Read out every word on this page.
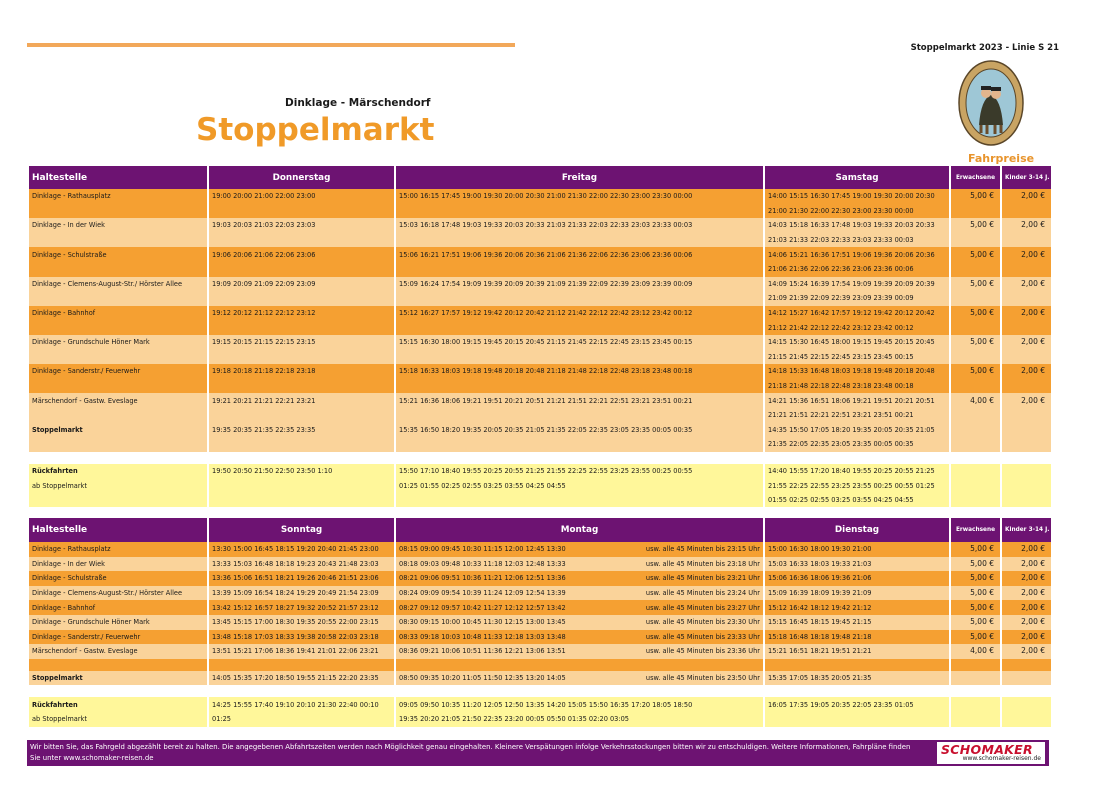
Stoppelmarkt 2023 - Linie S 21
Dinklage - Märschendorf
Stoppelmarkt
Fahrpreise
Haltestelle	Donnerstag	Freitag	Samstag	Erwachsene	Kinder 3-14 J.
Dinklage - Rathausplatz	19:00 20:00 21:00 22:00 23:00	15:00 16:15 17:45 19:00 19:30 20:00 20:30 21:00 21:30 22:00 22:30 23:00 23:30 00:00	14:00 15:15 16:30 17:45 19:00 19:30 20:00 20:30	5,00 €	2,00 €
			21:00 21:30 22:00 22:30 23:00 23:30 00:00		
Dinklage - In der Wiek	19:03 20:03 21:03 22:03 23:03	15:03 16:18 17:48 19:03 19:33 20:03 20:33 21:03 21:33 22:03 22:33 23:03 23:33 00:03	14:03 15:18 16:33 17:48 19:03 19:33 20:03 20:33	5,00 €	2,00 €
			21:03 21:33 22:03 22:33 23:03 23:33 00:03		
Dinklage - Schulstraße	19:06 20:06 21:06 22:06 23:06	15:06 16:21 17:51 19:06 19:36 20:06 20:36 21:06 21:36 22:06 22:36 23:06 23:36 00:06	14:06 15:21 16:36 17:51 19:06 19:36 20:06 20:36	5,00 €	2,00 €
			21:06 21:36 22:06 22:36 23:06 23:36 00:06		
Dinklage - Clemens-August-Str./ Hörster Allee	19:09 20:09 21:09 22:09 23:09	15:09 16:24 17:54 19:09 19:39 20:09 20:39 21:09 21:39 22:09 22:39 23:09 23:39 00:09	14:09 15:24 16:39 17:54 19:09 19:39 20:09 20:39	5,00 €	2,00 €
			21:09 21:39 22:09 22:39 23:09 23:39 00:09		
Dinklage - Bahnhof	19:12 20:12 21:12 22:12 23:12	15:12 16:27 17:57 19:12 19:42 20:12 20:42 21:12 21:42 22:12 22:42 23:12 23:42 00:12	14:12 15:27 16:42 17:57 19:12 19:42 20:12 20:42	5,00 €	2,00 €
			21:12 21:42 22:12 22:42 23:12 23:42 00:12		
Dinklage - Grundschule Höner Mark	19:15 20:15 21:15 22:15 23:15	15:15 16:30 18:00 19:15 19:45 20:15 20:45 21:15 21:45 22:15 22:45 23:15 23:45 00:15	14:15 15:30 16:45 18:00 19:15 19:45 20:15 20:45	5,00 €	2,00 €
			21:15 21:45 22:15 22:45 23:15 23:45 00:15		
Dinklage - Sanderstr./ Feuerwehr	19:18 20:18 21:18 22:18 23:18	15:18 16:33 18:03 19:18 19:48 20:18 20:48 21:18 21:48 22:18 22:48 23:18 23:48 00:18	14:18 15:33 16:48 18:03 19:18 19:48 20:18 20:48	5,00 €	2,00 €
			21:18 21:48 22:18 22:48 23:18 23:48 00:18		
Märschendorf - Gastw. Eveslage	19:21 20:21 21:21 22:21 23:21	15:21 16:36 18:06 19:21 19:51 20:21 20:51 21:21 21:51 22:21 22:51 23:21 23:51 00:21	14:21 15:36 16:51 18:06 19:21 19:51 20:21 20:51	4,00 €	2,00 €
			21:21 21:51 22:21 22:51 23:21 23:51 00:21		
Stoppelmarkt	19:35 20:35 21:35 22:35 23:35	15:35 16:50 18:20 19:35 20:05 20:35 21:05 21:35 22:05 22:35 23:05 23:35 00:05 00:35	14:35 15:50 17:05 18:20 19:35 20:05 20:35 21:05		
			21:35 22:05 22:35 23:05 23:35 00:05 00:35		

Rückfahrten	19:50 20:50 21:50 22:50 23:50 1:10	15:50 17:10 18:40 19:55 20:25 20:55 21:25 21:55 22:25 22:55 23:25 23:55 00:25 00:55	14:40 15:55 17:20 18:40 19:55 20:25 20:55 21:25		
ab Stoppelmarkt		01:25 01:55 02:25 02:55 03:25 03:55 04:25 04:55	21:55 22:25 22:55 23:25 23:55 00:25 00:55 01:25		
			01:55 02:25 02:55 03:25 03:55 04:25 04:55		
Haltestelle	Sonntag	Montag	Dienstag	Erwachsene	Kinder 3-14 J.
Dinklage - Rathausplatz	13:30 15:00 16:45 18:15 19:20 20:40 21:45 23:00	08:15 09:00 09:45 10:30 11:15 12:00 12:45 13:30 usw. alle 45 Minuten bis 23:15 Uhr	15:00 16:30 18:00 19:30 21:00	5,00 €	2,00 €
Dinklage - In der Wiek	13:33 15:03 16:48 18:18 19:23 20:43 21:48 23:03	08:18 09:03 09:48 10:33 11:18 12:03 12:48 13:33 usw. alle 45 Minuten bis 23:18 Uhr	15:03 16:33 18:03 19:33 21:03	5,00 €	2,00 €
Dinklage - Schulstraße	13:36 15:06 16:51 18:21 19:26 20:46 21:51 23:06	08:21 09:06 09:51 10:36 11:21 12:06 12:51 13:36 usw. alle 45 Minuten bis 23:21 Uhr	15:06 16:36 18:06 19:36 21:06	5,00 €	2,00 €
Dinklage - Clemens-August-Str./ Hörster Allee	13:39 15:09 16:54 18:24 19:29 20:49 21:54 23:09	08:24 09:09 09:54 10:39 11:24 12:09 12:54 13:39 usw. alle 45 Minuten bis 23:24 Uhr	15:09 16:39 18:09 19:39 21:09	5,00 €	2,00 €
Dinklage - Bahnhof	13:42 15:12 16:57 18:27 19:32 20:52 21:57 23:12	08:27 09:12 09:57 10:42 11:27 12:12 12:57 13:42 usw. alle 45 Minuten bis 23:27 Uhr	15:12 16:42 18:12 19:42 21:12	5,00 €	2,00 €
Dinklage - Grundschule Höner Mark	13:45 15:15 17:00 18:30 19:35 20:55 22:00 23:15	08:30 09:15 10:00 10:45 11:30 12:15 13:00 13:45 usw. alle 45 Minuten bis 23:30 Uhr	15:15 16:45 18:15 19:45 21:15	5,00 €	2,00 €
Dinklage - Sanderstr./ Feuerwehr	13:48 15:18 17:03 18:33 19:38 20:58 22:03 23:18	08:33 09:18 10:03 10:48 11:33 12:18 13:03 13:48 usw. alle 45 Minuten bis 23:33 Uhr	15:18 16:48 18:18 19:48 21:18	5,00 €	2,00 €
Märschendorf - Gastw. Eveslage	13:51 15:21 17:06 18:36 19:41 21:01 22:06 23:21	08:36 09:21 10:06 10:51 11:36 12:21 13:06 13:51 usw. alle 45 Minuten bis 23:36 Uhr	15:21 16:51 18:21 19:51 21:21	4,00 €	2,00 €

Stoppelmarkt	14:05 15:35 17:20 18:50 19:55 21:15 22:20 23:35	08:50 09:35 10:20 11:05 11:50 12:35 13:20 14:05 usw. alle 45 Minuten bis 23:50 Uhr	15:35 17:05 18:35 20:05 21:35		

Rückfahrten	14:25 15:55 17:40 19:10 20:10 21:30 22:40 00:10	09:05 09:50 10:35 11:20 12:05 12:50 13:35 14:20 15:05 15:50 16:35 17:20 18:05 18:50	16:05 17:35 19:05 20:35 22:05 23:35 01:05		
ab Stoppelmarkt	01:25	19:35 20:20 21:05 21:50 22:35 23:20 00:05 05:50 01:35 02:20 03:05			

Wir bitten Sie, das Fahrgeld abgezählt bereit zu halten. Die angegebenen Abfahrtszeiten werden nach Möglichkeit genau eingehalten. Kleinere Verspätungen infolge Verkehrsstockungen bitten wir zu entschuldigen. Weitere Informationen, Fahrpläne finden Sie unter www.schomaker-reisen.de
SCHOMAKER
www.schomaker-reisen.de
